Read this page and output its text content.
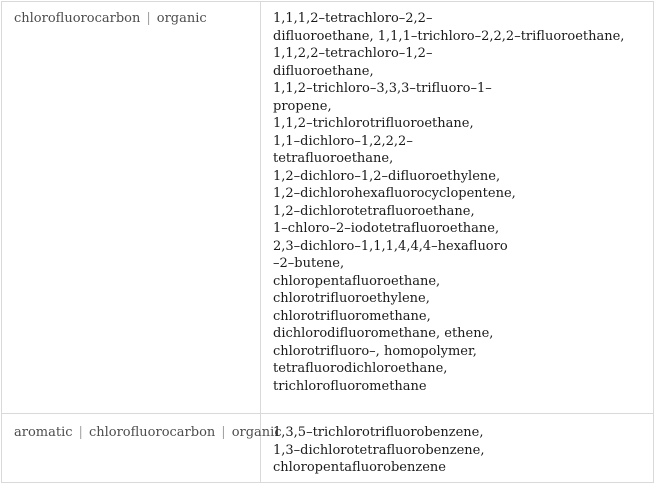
chlorofluorocarbon | organic	1,1,1,2–tetrachloro–2,2–
difluoroethane, 1,1,1–trichloro–2,2,2–trifluoroethane,
1,1,2,2–tetrachloro–1,2–
difluoroethane,
1,1,2–trichloro–3,3,3–trifluoro–1–
propene,
1,1,2–trichlorotrifluoroethane,
1,1–dichloro–1,2,2,2–
tetrafluoroethane,
1,2–dichloro–1,2–difluoroethylene,
1,2–dichlorohexafluorocyclopentene,
1,2–dichlorotetrafluoroethane,
1–chloro–2–iodotetrafluoroethane,
2,3–dichloro–1,1,1,4,4,4–hexafluoro
–2–butene,
chloropentafluoroethane,
chlorotrifluoroethylene,
chlorotrifluoromethane,
dichlorodifluoromethane, ethene,
chlorotrifluoro–, homopolymer,
tetrafluorodichloroethane,
trichlorofluoromethane
aromatic | chlorofluorocarbon | organic
1,3,5–trichlorotrifluorobenzene,
1,3–dichlorotetrafluorobenzene,
chloropentafluorobenzene
